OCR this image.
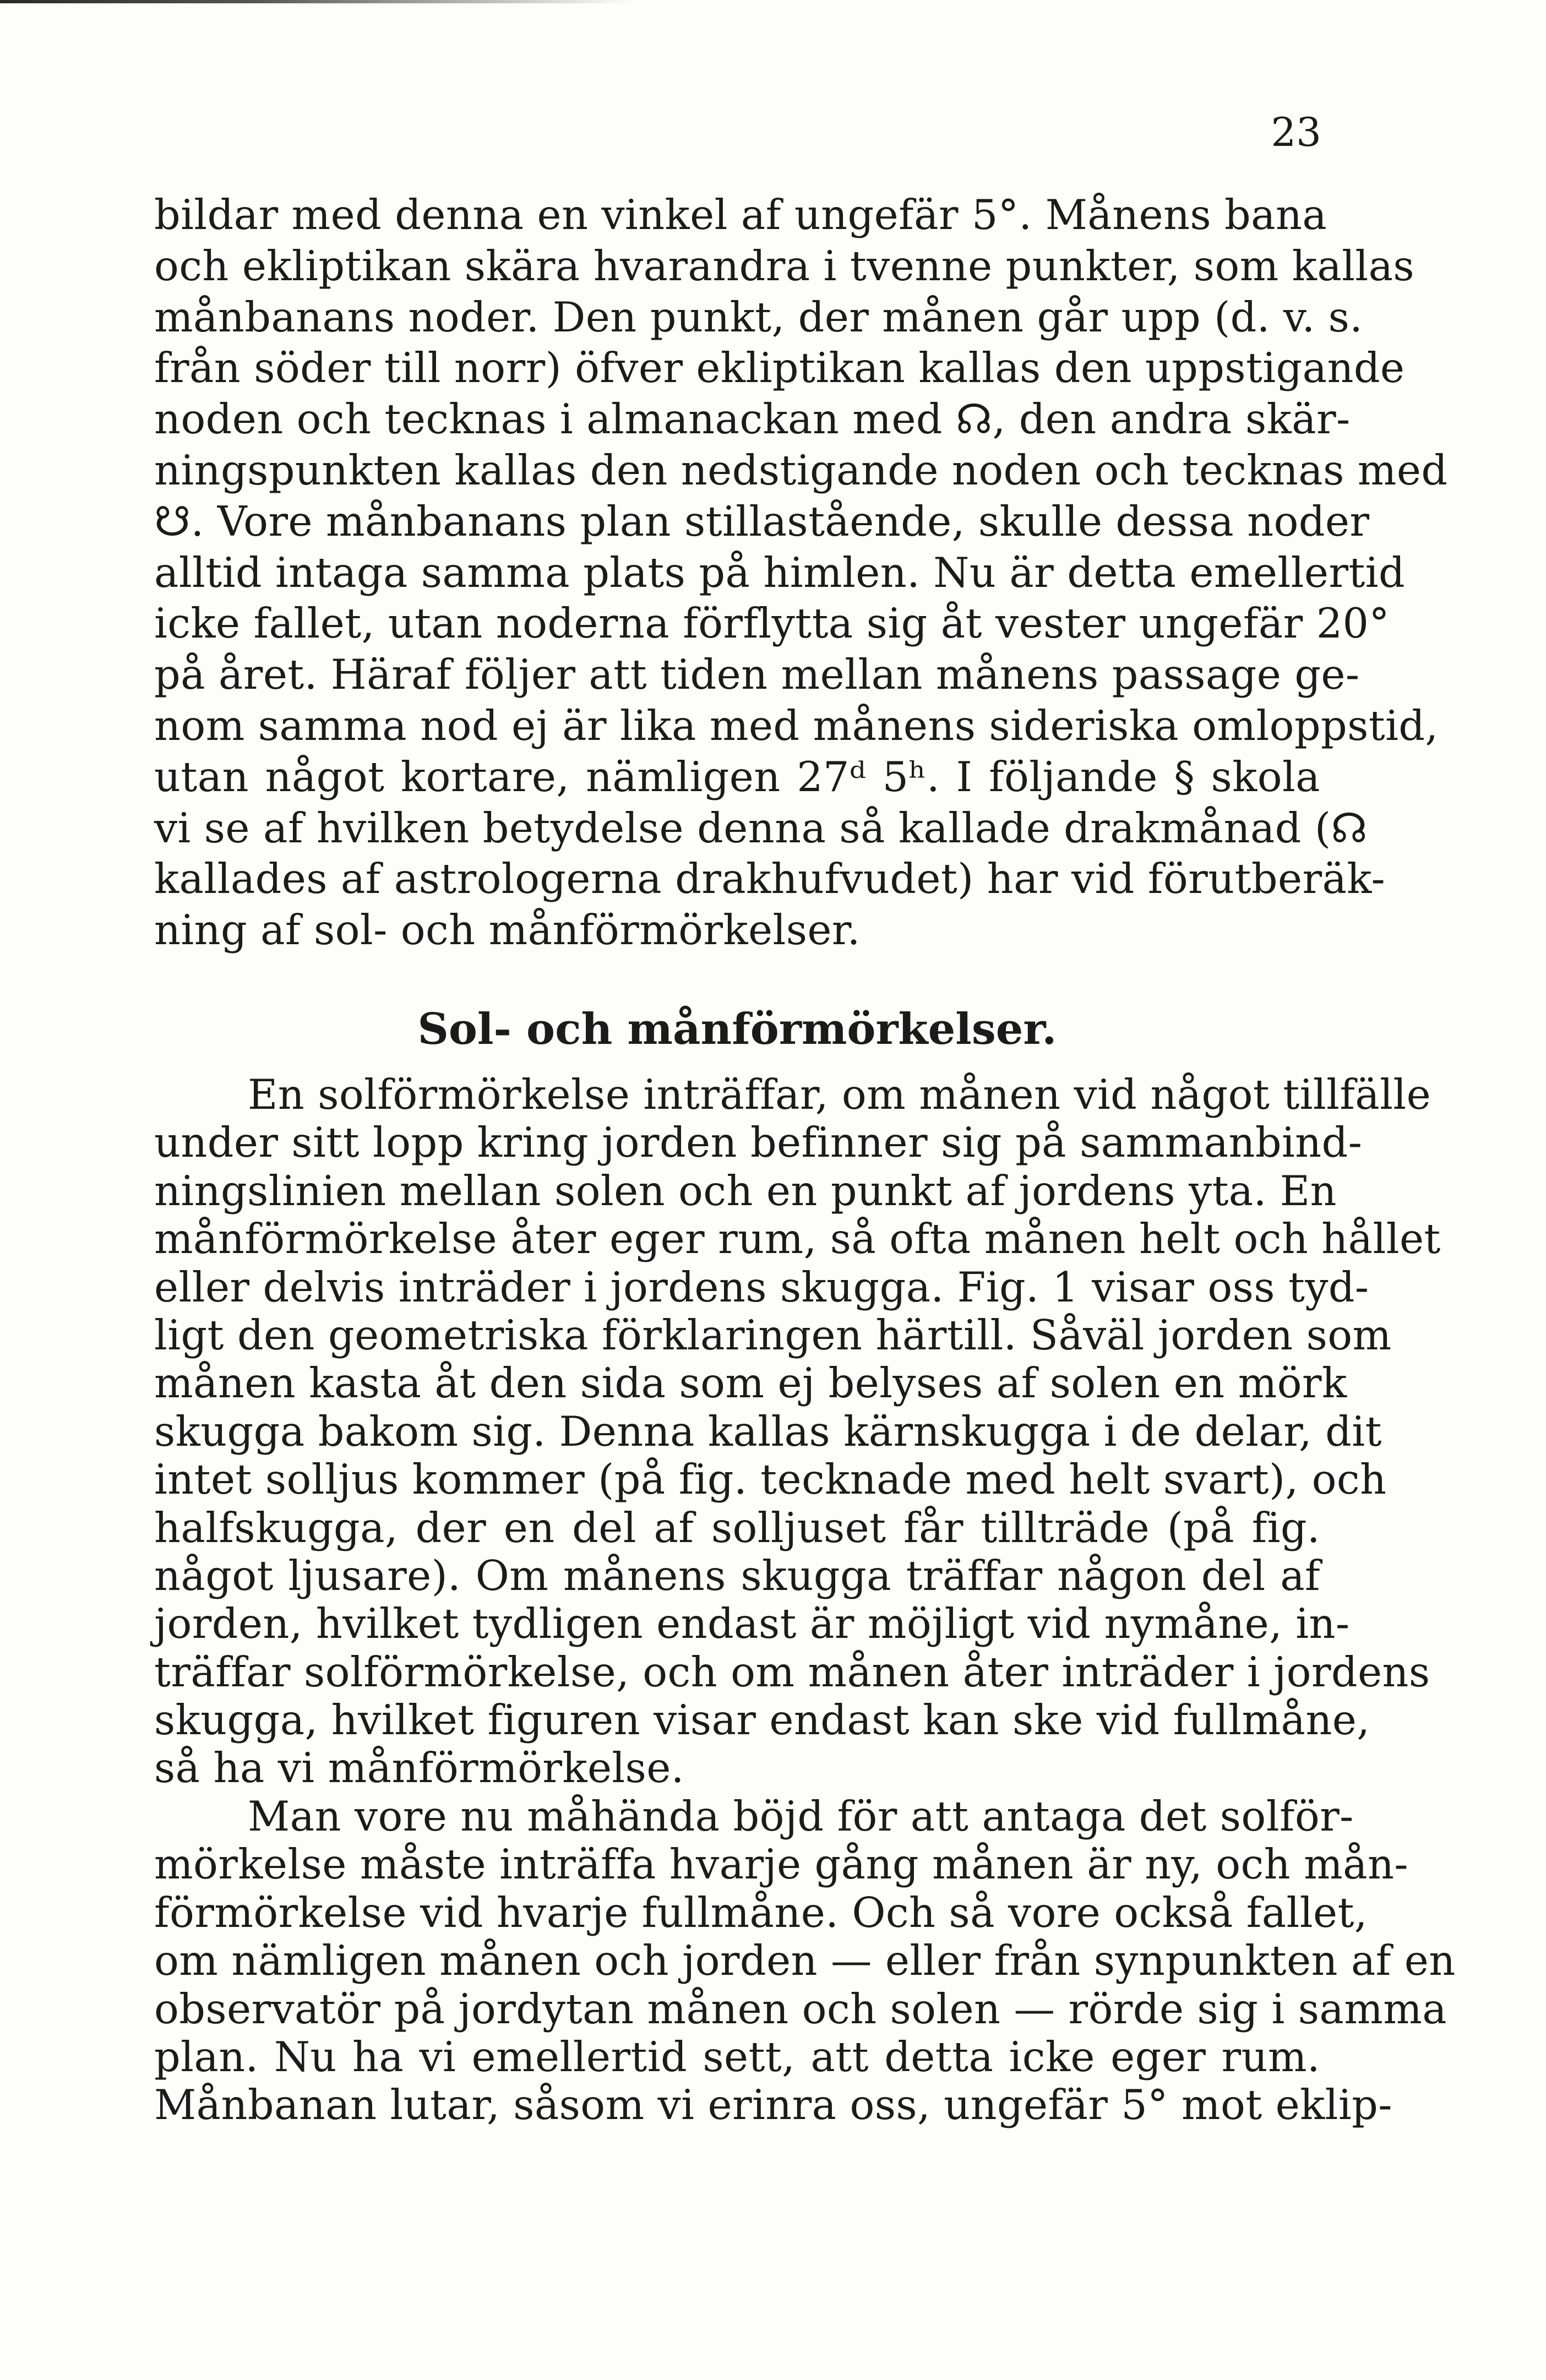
23
bildar med denna en vinkel af ungefär 5°. Månens bana
och ekliptikan skära hvarandra i tvenne punkter, som kallas
månbanans noder. Den punkt, der månen går upp (d. v. s.
från söder till norr) öfver ekliptikan kallas den uppstigande
noden och tecknas i almanackan med ☊, den andra skär-
ningspunkten kallas den nedstigande noden och tecknas med
☋. Vore månbanans plan stillastående, skulle dessa noder
alltid intaga samma plats på himlen. Nu är detta emellertid
icke fallet, utan noderna förflytta sig åt vester ungefär 20°
på året. Häraf följer att tiden mellan månens passage ge-
nom samma nod ej är lika med månens sideriska omloppstid,
utan något kortare, nämligen 27ᵈ 5ʰ. I följande § skola
vi se af hvilken betydelse denna så kallade drakmånad (☊
kallades af astrologerna drakhufvudet) har vid förutberäk-
ning af sol- och månförmörkelser.
Sol- och månförmörkelser.
En solförmörkelse inträffar, om månen vid något tillfälle
under sitt lopp kring jorden befinner sig på sammanbind-
ningslinien mellan solen och en punkt af jordens yta. En
månförmörkelse åter eger rum, så ofta månen helt och hållet
eller delvis inträder i jordens skugga. Fig. 1 visar oss tyd-
ligt den geometriska förklaringen härtill. Såväl jorden som
månen kasta åt den sida som ej belyses af solen en mörk
skugga bakom sig. Denna kallas kärnskugga i de delar, dit
intet solljus kommer (på fig. tecknade med helt svart), och
halfskugga, der en del af solljuset får tillträde (på fig.
något ljusare). Om månens skugga träffar någon del af
jorden, hvilket tydligen endast är möjligt vid nymåne, in-
träffar solförmörkelse, och om månen åter inträder i jordens
skugga, hvilket figuren visar endast kan ske vid fullmåne,
så ha vi månförmörkelse.
Man vore nu måhända böjd för att antaga det solför-
mörkelse måste inträffa hvarje gång månen är ny, och mån-
förmörkelse vid hvarje fullmåne. Och så vore också fallet,
om nämligen månen och jorden — eller från synpunkten af en
observatör på jordytan månen och solen — rörde sig i samma
plan. Nu ha vi emellertid sett, att detta icke eger rum.
Månbanan lutar, såsom vi erinra oss, ungefär 5° mot eklip-
